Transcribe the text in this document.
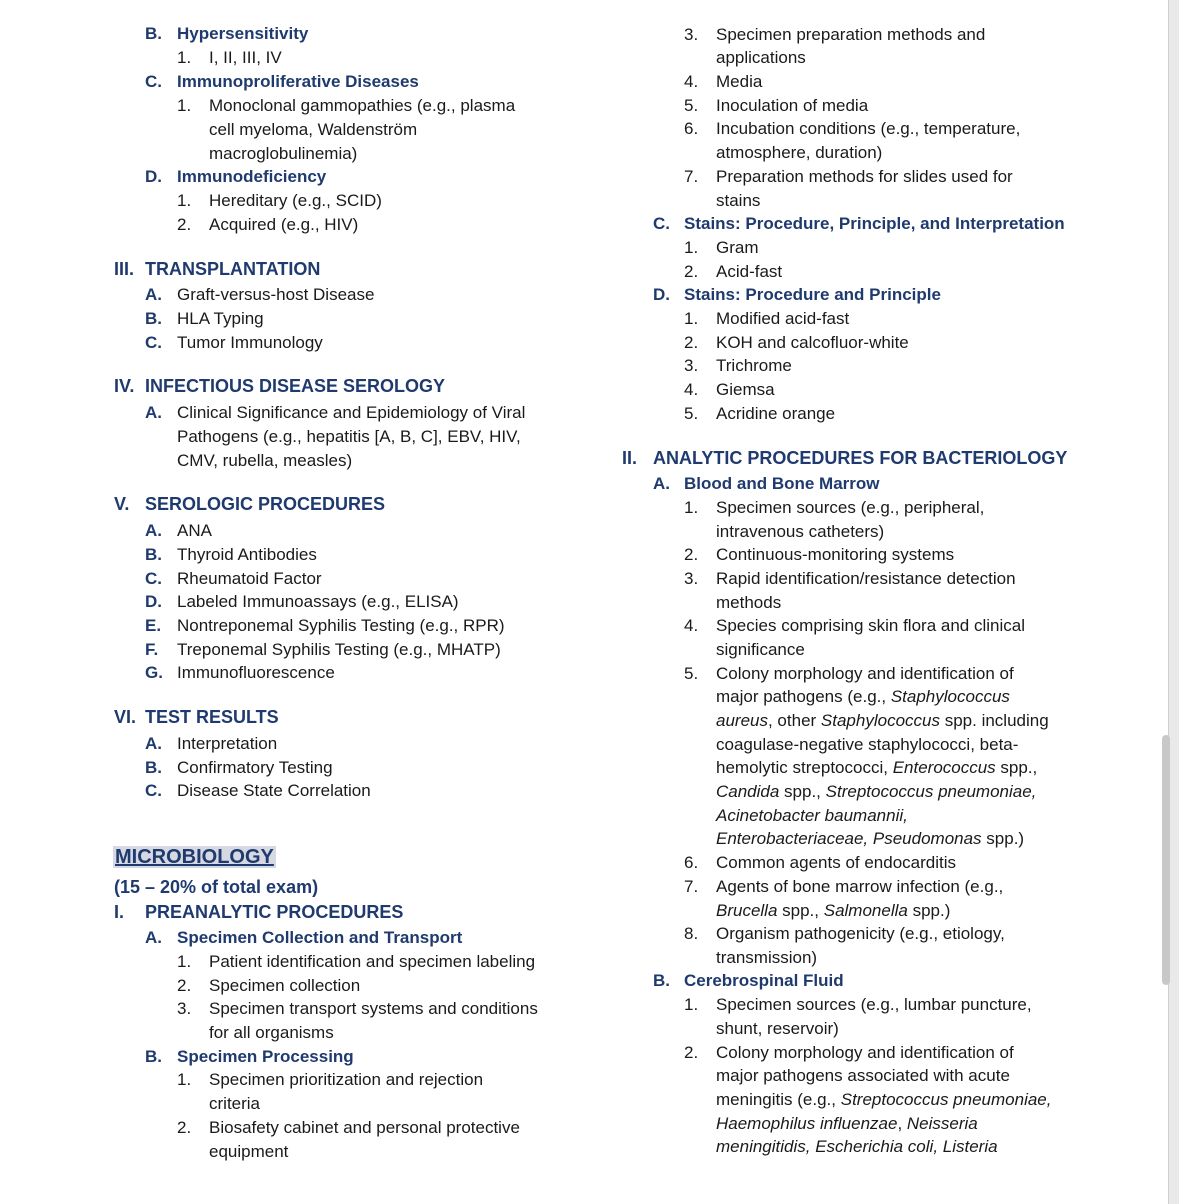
B. Hypersensitivity
1. I, II, III, IV
C. Immunoproliferative Diseases
1. Monoclonal gammopathies (e.g., plasma
cell myeloma, Waldenström
macroglobulinemia)
D. Immunodeficiency
1. Hereditary (e.g., SCID)
2. Acquired (e.g., HIV)
III. TRANSPLANTATION
A. Graft-versus-host Disease
B. HLA Typing
C. Tumor Immunology
IV. INFECTIOUS DISEASE SEROLOGY
A. Clinical Significance and Epidemiology of Viral
Pathogens (e.g., hepatitis [A, B, C], EBV, HIV,
CMV, rubella, measles)
V. SEROLOGIC PROCEDURES
A. ANA
B. Thyroid Antibodies
C. Rheumatoid Factor
D. Labeled Immunoassays (e.g., ELISA)
E. Nontreponemal Syphilis Testing (e.g., RPR)
F. Treponemal Syphilis Testing (e.g., MHATP)
G. Immunofluorescence
VI. TEST RESULTS
A. Interpretation
B. Confirmatory Testing
C. Disease State Correlation
MICROBIOLOGY
(15 – 20% of total exam)
I. PREANALYTIC PROCEDURES
A. Specimen Collection and Transport
1. Patient identification and specimen labeling
2. Specimen collection
3. Specimen transport systems and conditions
for all organisms
B. Specimen Processing
1. Specimen prioritization and rejection
criteria
2. Biosafety cabinet and personal protective
equipment
3. Specimen preparation methods and
applications
4. Media
5. Inoculation of media
6. Incubation conditions (e.g., temperature,
atmosphere, duration)
7. Preparation methods for slides used for
stains
C. Stains: Procedure, Principle, and Interpretation
1. Gram
2. Acid-fast
D. Stains: Procedure and Principle
1. Modified acid-fast
2. KOH and calcofluor-white
3. Trichrome
4. Giemsa
5. Acridine orange
II. ANALYTIC PROCEDURES FOR BACTERIOLOGY
A. Blood and Bone Marrow
1. Specimen sources (e.g., peripheral,
intravenous catheters)
2. Continuous-monitoring systems
3. Rapid identification/resistance detection
methods
4. Species comprising skin flora and clinical
significance
5. Colony morphology and identification of
major pathogens (e.g., Staphylococcus
aureus, other Staphylococcus spp. including
coagulase-negative staphylococci, beta-
hemolytic streptococci, Enterococcus spp.,
Candida spp., Streptococcus pneumoniae,
Acinetobacter baumannii,
Enterobacteriaceae, Pseudomonas spp.)
6. Common agents of endocarditis
7. Agents of bone marrow infection (e.g.,
Brucella spp., Salmonella spp.)
8. Organism pathogenicity (e.g., etiology,
transmission)
B. Cerebrospinal Fluid
1. Specimen sources (e.g., lumbar puncture,
shunt, reservoir)
2. Colony morphology and identification of
major pathogens associated with acute
meningitis (e.g., Streptococcus pneumoniae,
Haemophilus influenzae, Neisseria
meningitidis, Escherichia coli, Listeria
